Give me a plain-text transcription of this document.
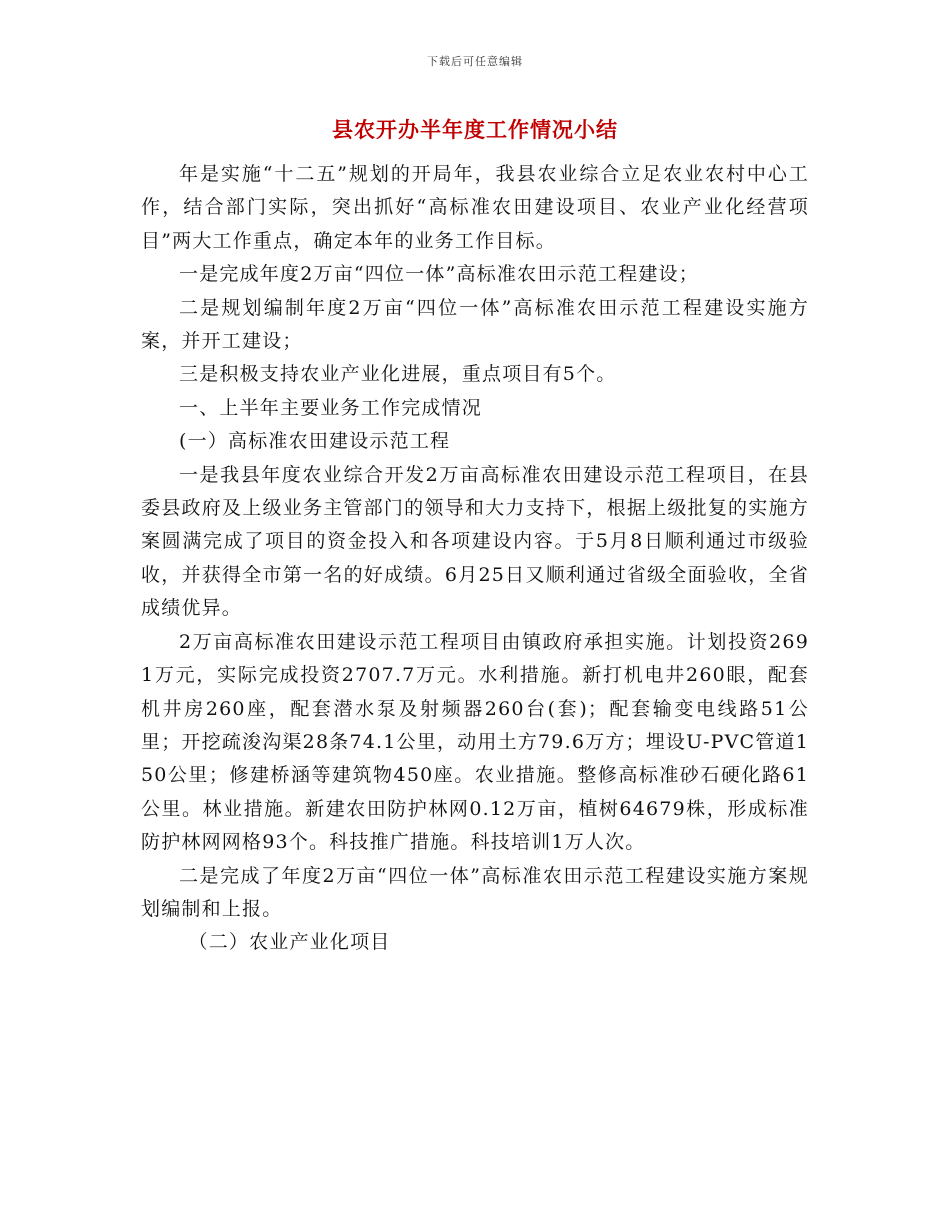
下载后可任意编辑
县农开办半年度工作情况小结

年是实施“十二五”规划的开局年，我县农业综合立足农业农村中心工作，结合部门实际，突出抓好“高标准农田建设项目、农业产业化经营项目”两大工作重点，确定本年的业务工作目标。

一是完成年度2万亩“四位一体”高标准农田示范工程建设；

二是规划编制年度2万亩“四位一体”高标准农田示范工程建设实施方案，并开工建设；

三是积极支持农业产业化进展，重点项目有5个。

一、上半年主要业务工作完成情况

(一）高标准农田建设示范工程

一是我县年度农业综合开发2万亩高标准农田建设示范工程项目，在县委县政府及上级业务主管部门的领导和大力支持下，根据上级批复的实施方案圆满完成了项目的资金投入和各项建设内容。于5月8日顺利通过市级验收，并获得全市第一名的好成绩。6月25日又顺利通过省级全面验收，全省成绩优异。

2万亩高标准农田建设示范工程项目由镇政府承担实施。计划投资2691万元，实际完成投资2707.7万元。水利措施。新打机电井260眼，配套机井房260座，配套潜水泵及射频器260台(套)；配套输变电线路51公里；开挖疏浚沟渠28条74.1公里，动用土方79.6万方；埋设U-PVC管道150公里；修建桥涵等建筑物450座。农业措施。整修高标准砂石硬化路61公里。林业措施。新建农田防护林网0.12万亩，植树64679株，形成标准防护林网网格93个。科技推广措施。科技培训1万人次。

二是完成了年度2万亩“四位一体”高标准农田示范工程建设实施方案规划编制和上报。

（二）农业产业化项目
